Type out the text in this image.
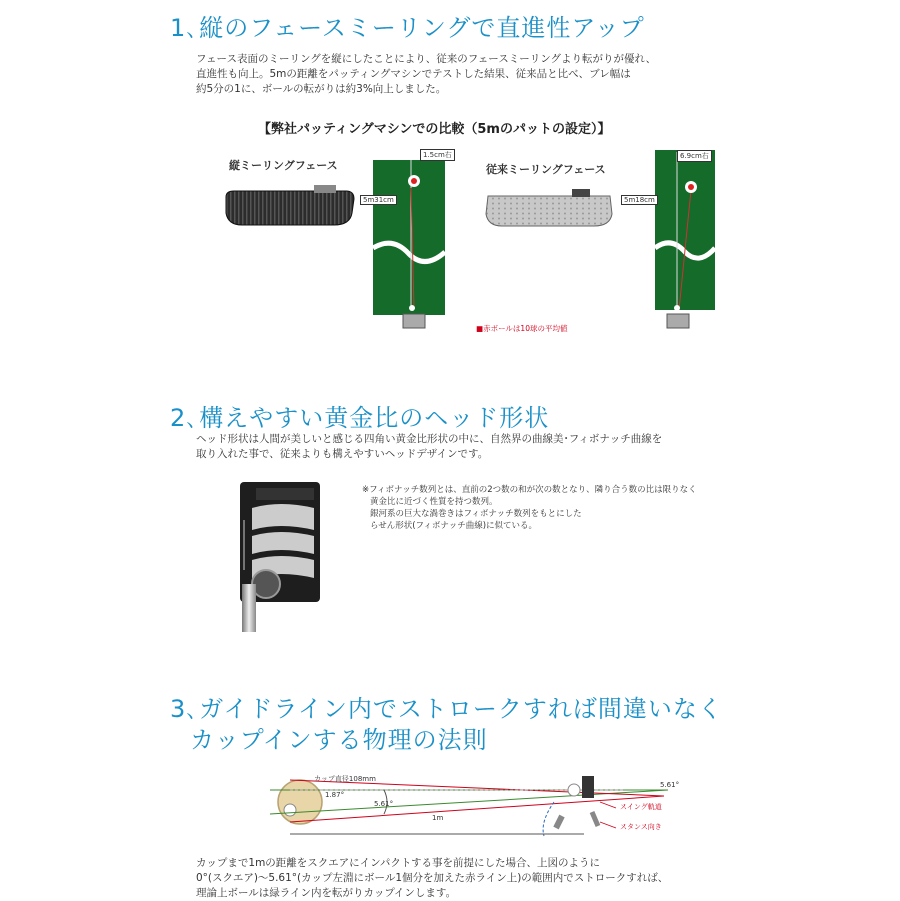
1､縦のフェースミーリングで直進性アップ
フェース表面のミーリングを縦にしたことにより、従来のフェースミーリングより転がりが優れ、
直進性も向上。5mの距離をパッティングマシンでテストした結果、従来品と比べ、ブレ幅は
約5分の1に、ボールの転がりは約3%向上しました。
【弊社パッティングマシンでの比較（5mのパットの設定）】
縦ミーリングフェース	従来ミーリングフェース
1.5cm右
5m31cm
6.9cm右
5m18cm
■赤ボールは10球の平均値
2､構えやすい黄金比のヘッド形状
ヘッド形状は人間が美しいと感じる四角い黄金比形状の中に、自然界の曲線美･フィボナッチ曲線を
取り入れた事で、従来よりも構えやすいヘッドデザインです。
※フィボナッチ数列とは、直前の2つ数の和が次の数となり、隣り合う数の比は限りなく
黄金比に近づく性質を持つ数列。
銀河系の巨大な渦巻きはフィボナッチ数列をもとにした
らせん形状(フィボナッチ曲線)に似ている。
3､ガイドライン内でストロークすれば間違いなく
カップインする物理の法則
カップ直径108mm
1.87°
5.61°
5.61°
1m
スイング軌道
スタンス向き
カップまで1mの距離をスクエアにインパクトする事を前提にした場合、上図のように
0°(スクエア)～5.61°(カップ左淵にボール1個分を加えた赤ライン上)の範囲内でストロークすれば、
理論上ボールは緑ライン内を転がりカップインします。
